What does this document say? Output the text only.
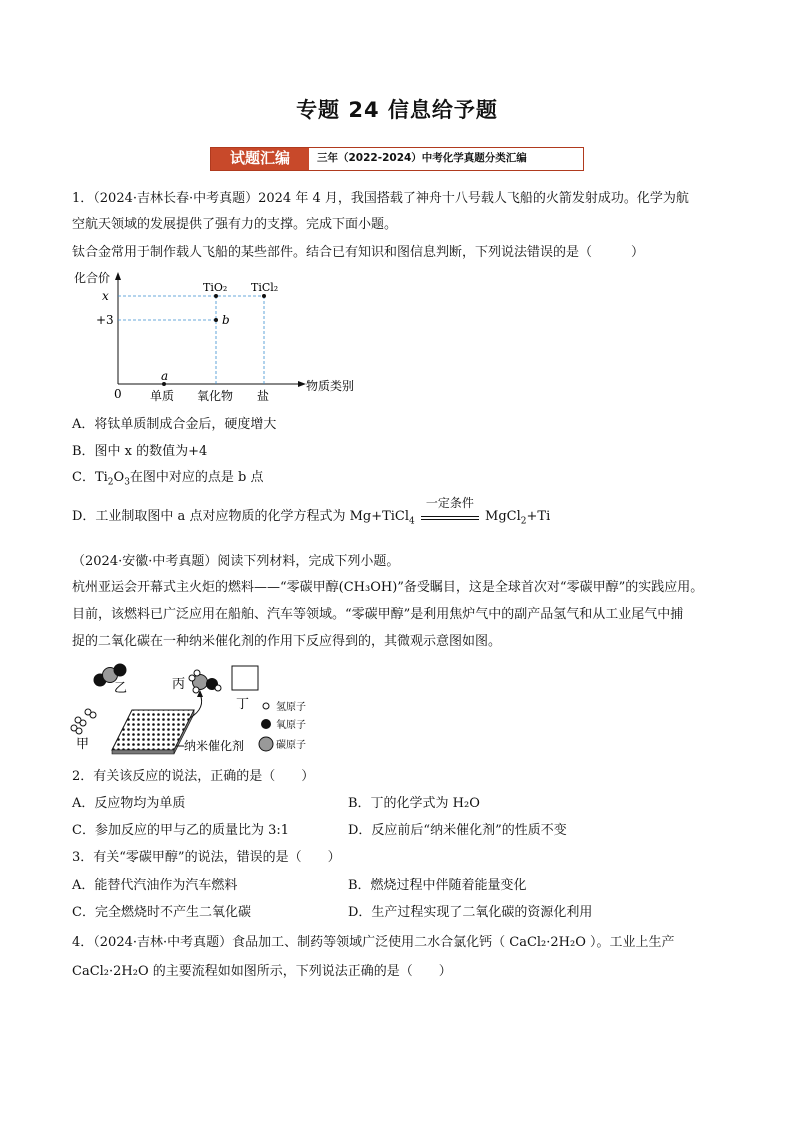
专题 24 信息给予题
试题汇编	三年（2022-2024）中考化学真题分类汇编
1．（2024·吉林长春·中考真题）2024 年 4 月，我国搭载了神舟十八号载人飞船的火箭发射成功。化学为航
空航天领域的发展提供了强有力的支撑。完成下面小题。
钛合金常用于制作载人飞船的某些部件。结合已有知识和图信息判断，下列说法错误的是（　　　）
化合价
x
+3
0
物质类别
单质 氧化物 盐
a
b
TiO₂ TiCl₂
A．将钛单质制成合金后，硬度增大
B．图中 x 的数值为+4
C．$Ti_2O_3$在图中对应的点是 b 点
D．工业制取图中 a 点对应物质的化学方程式为 Mg+TiCl$_4$
一定条件
MgCl$_2$+Ti
（2024·安徽·中考真题）阅读下列材料，完成下列小题。
杭州亚运会开幕式主火炬的燃料——“零碳甲醇(CH₃OH)”备受瞩目，这是全球首次对“零碳甲醇”的实践应用。
目前，该燃料已广泛应用在船舶、汽车等领域。“零碳甲醇”是利用焦炉气中的副产品氢气和从工业尾气中捕
捉的二氧化碳在一种纳米催化剂的作用下反应得到的，其微观示意图如图。
乙	丙
丁
甲	纳米催化剂
氢原子
氧原子
碳原子
2．有关该反应的说法，正确的是（　　）
A．反应物均为单质	B．丁的化学式为 H₂O
C．参加反应的甲与乙的质量比为 3:1	D．反应前后“纳米催化剂”的性质不变
3．有关“零碳甲醇”的说法，错误的是（　　）
A．能替代汽油作为汽车燃料	B．燃烧过程中伴随着能量变化
C．完全燃烧时不产生二氧化碳	D．生产过程实现了二氧化碳的资源化利用
4．（2024·吉林·中考真题）食品加工、制药等领域广泛使用二水合氯化钙（ CaCl₂·2H₂O ）。工业上生产
CaCl₂·2H₂O 的主要流程如如图所示，下列说法正确的是（　　）
